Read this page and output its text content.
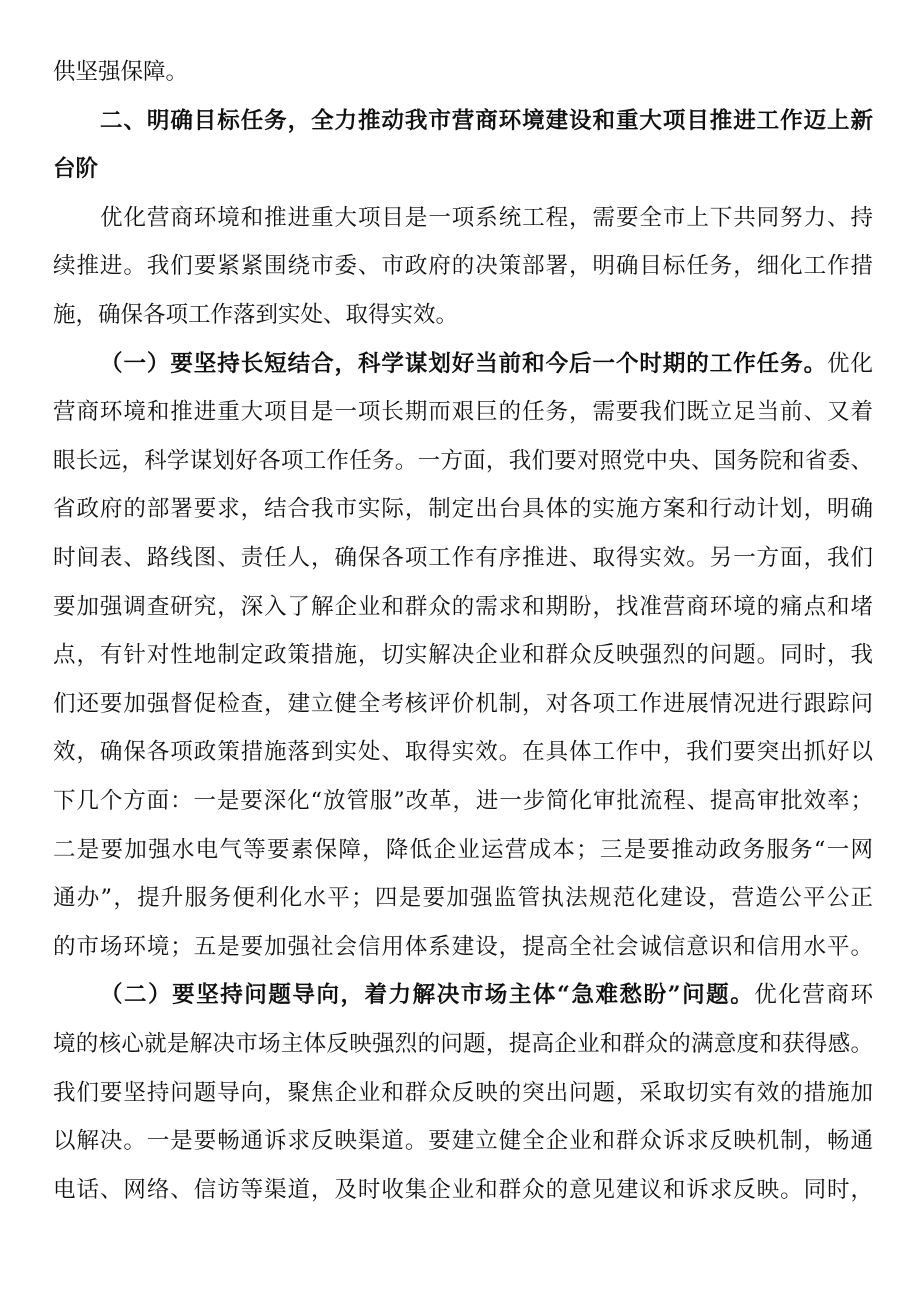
供坚强保障。
二、明确目标任务，全力推动我市营商环境建设和重大项目推进工作迈上新
台阶
优化营商环境和推进重大项目是一项系统工程，需要全市上下共同努力、持
续推进。我们要紧紧围绕市委、市政府的决策部署，明确目标任务，细化工作措
施，确保各项工作落到实处、取得实效。
（一）要坚持长短结合，科学谋划好当前和今后一个时期的工作任务。优化
营商环境和推进重大项目是一项长期而艰巨的任务，需要我们既立足当前、又着
眼长远，科学谋划好各项工作任务。一方面，我们要对照党中央、国务院和省委、
省政府的部署要求，结合我市实际，制定出台具体的实施方案和行动计划，明确
时间表、路线图、责任人，确保各项工作有序推进、取得实效。另一方面，我们
要加强调查研究，深入了解企业和群众的需求和期盼，找准营商环境的痛点和堵
点，有针对性地制定政策措施，切实解决企业和群众反映强烈的问题。同时，我
们还要加强督促检查，建立健全考核评价机制，对各项工作进展情况进行跟踪问
效，确保各项政策措施落到实处、取得实效。在具体工作中，我们要突出抓好以
下几个方面：一是要深化“放管服”改革，进一步简化审批流程、提高审批效率；
二是要加强水电气等要素保障，降低企业运营成本；三是要推动政务服务“一网
通办”，提升服务便利化水平；四是要加强监管执法规范化建设，营造公平公正
的市场环境；五是要加强社会信用体系建设，提高全社会诚信意识和信用水平。
（二）要坚持问题导向，着力解决市场主体“急难愁盼”问题。优化营商环
境的核心就是解决市场主体反映强烈的问题，提高企业和群众的满意度和获得感。
我们要坚持问题导向，聚焦企业和群众反映的突出问题，采取切实有效的措施加
以解决。一是要畅通诉求反映渠道。要建立健全企业和群众诉求反映机制，畅通
电话、网络、信访等渠道，及时收集企业和群众的意见建议和诉求反映。同时，
